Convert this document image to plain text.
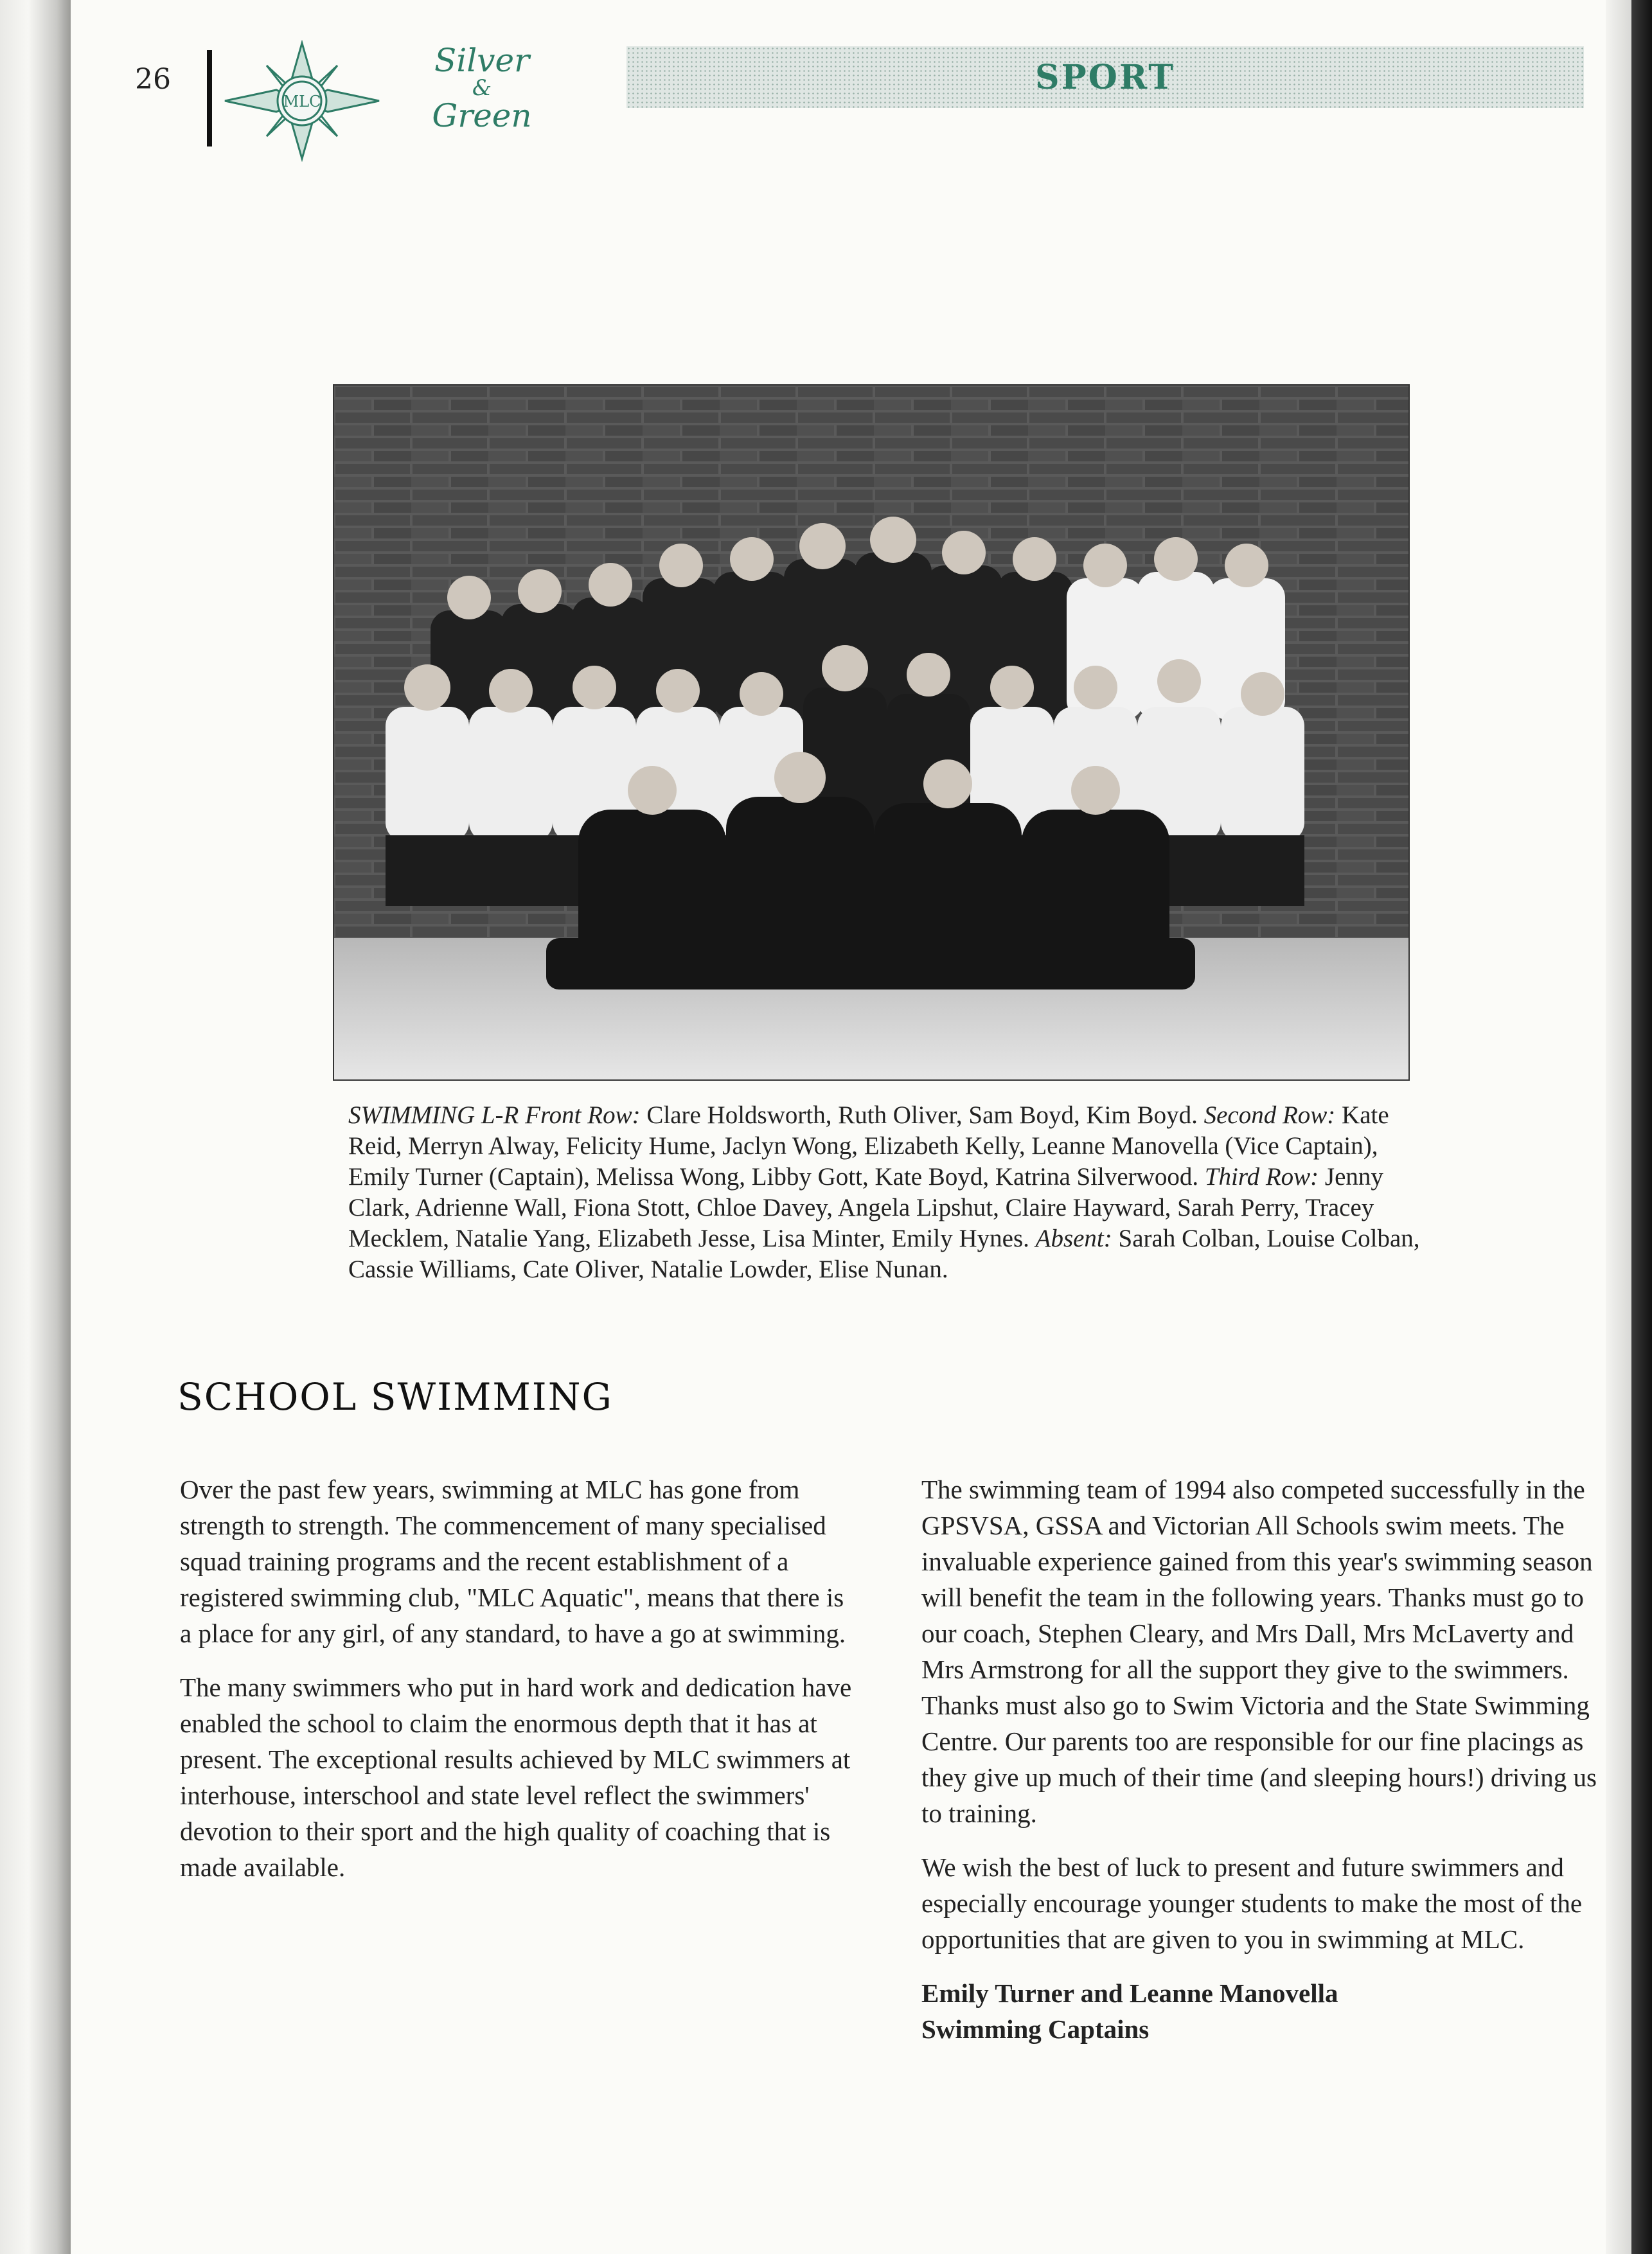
26
MLC
Silver
&
Green
SPORT
SWIMMING L-R Front Row: Clare Holdsworth, Ruth Oliver, Sam Boyd, Kim Boyd. Second Row: Kate Reid, Merryn Alway, Felicity Hume, Jaclyn Wong, Elizabeth Kelly, Leanne Manovella (Vice Captain), Emily Turner (Captain), Melissa Wong, Libby Gott, Kate Boyd, Katrina Silverwood. Third Row: Jenny Clark, Adrienne Wall, Fiona Stott, Chloe Davey, Angela Lipshut, Claire Hayward, Sarah Perry, Tracey Mecklem, Natalie Yang, Elizabeth Jesse, Lisa Minter, Emily Hynes. Absent: Sarah Colban, Louise Colban, Cassie Williams, Cate Oliver, Natalie Lowder, Elise Nunan.
SCHOOL SWIMMING

Over the past few years, swimming at MLC has gone from strength to strength. The commencement of many specialised squad training programs and the recent establishment of a registered swimming club, "MLC Aquatic", means that there is a place for any girl, of any standard, to have a go at swimming.

The many swimmers who put in hard work and dedication have enabled the school to claim the enormous depth that it has at present. The exceptional results achieved by MLC swimmers at interhouse, interschool and state level reflect the swimmers' devotion to their sport and the high quality of coaching that is made available.

The swimming team of 1994 also competed successfully in the GPSVSA, GSSA and Victorian All Schools swim meets. The invaluable experience gained from this year's swimming season will benefit the team in the following years. Thanks must go to our coach, Stephen Cleary, and Mrs Dall, Mrs McLaverty and Mrs Armstrong for all the support they give to the swimmers. Thanks must also go to Swim Victoria and the State Swimming Centre. Our parents too are responsible for our fine placings as they give up much of their time (and sleeping hours!) driving us to training.

We wish the best of luck to present and future swimmers and especially encourage younger students to make the most of the opportunities that are given to you in swimming at MLC.

Emily Turner and Leanne Manovella
Swimming Captains
